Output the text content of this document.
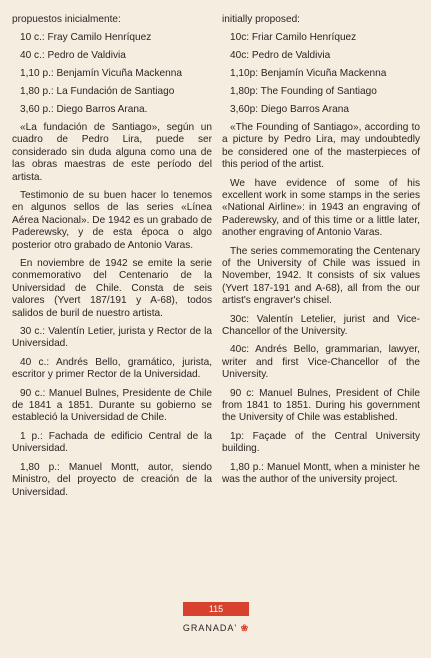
propuestos inicialmente:
10 c.: Fray Camilo Henríquez
40 c.: Pedro de Valdivia
1,10 p.: Benjamín Vicuña Mackenna
1,80 p.: La Fundación de Santiago
3,60 p.: Diego Barros Arana.
«La fundación de Santiago», según un cuadro de Pedro Lira, puede ser considerado sin duda alguna como una de las obras maestras de este período del artista.
Testimonio de su buen hacer lo tenemos en algunos sellos de las series «Línea Aérea Nacional». De 1942 es un grabado de Paderewsky, y de esta época o algo posterior otro grabado de Antonio Varas.
En noviembre de 1942 se emite la serie conmemorativo del Centenario de la Universidad de Chile. Consta de seis valores (Yvert 187/191 y A-68), todos salidos de buril de nuestro artista.
30 c.: Valentín Letier, jurista y Rector de la Universidad.
40 c.: Andrés Bello, gramático, jurista, escritor y primer Rector de la Universidad.
90 c.: Manuel Bulnes, Presidente de Chile de 1841 a 1851. Durante su gobierno se estableció la Universidad de Chile.
1 p.: Fachada de edificio Central de la Universidad.
1,80 p.: Manuel Montt, autor, siendo Ministro, del proyecto de creación de la Universidad.
initially proposed:
10c: Friar Camilo Henríquez
40c: Pedro de Valdivia
1,10p: Benjamín Vicuña Mackenna
1,80p: The Founding of Santiago
3,60p: Diego Barros Arana
«The Founding of Santiago», according to a picture by Pedro Lira, may undoubtedly be considered one of the masterpieces of this period of the artist.
We have evidence of some of his excellent work in some stamps in the series «National Airline»: in 1943 an engraving of Paderewsky, and of this time or a little later, another engraving of Antonio Varas.
The series commemorating the Centenary of the University of Chile was issued in November, 1942. It consists of six values (Yvert 187-191 and A-68), all from the our artist's engraver's chisel.
30c: Valentín Letelier, jurist and Vice-Chancellor of the University.
40c: Andrés Bello, grammarian, lawyer, writer and first Vice-Chancellor of the University.
90 c: Manuel Bulnes, President of Chile from 1841 to 1851. During his government the University of Chile was established.
1p: Façade of the Central University building.
1,80 p.: Manuel Montt, when a minister he was the author of the university project.
115
GRANADA' ❀
